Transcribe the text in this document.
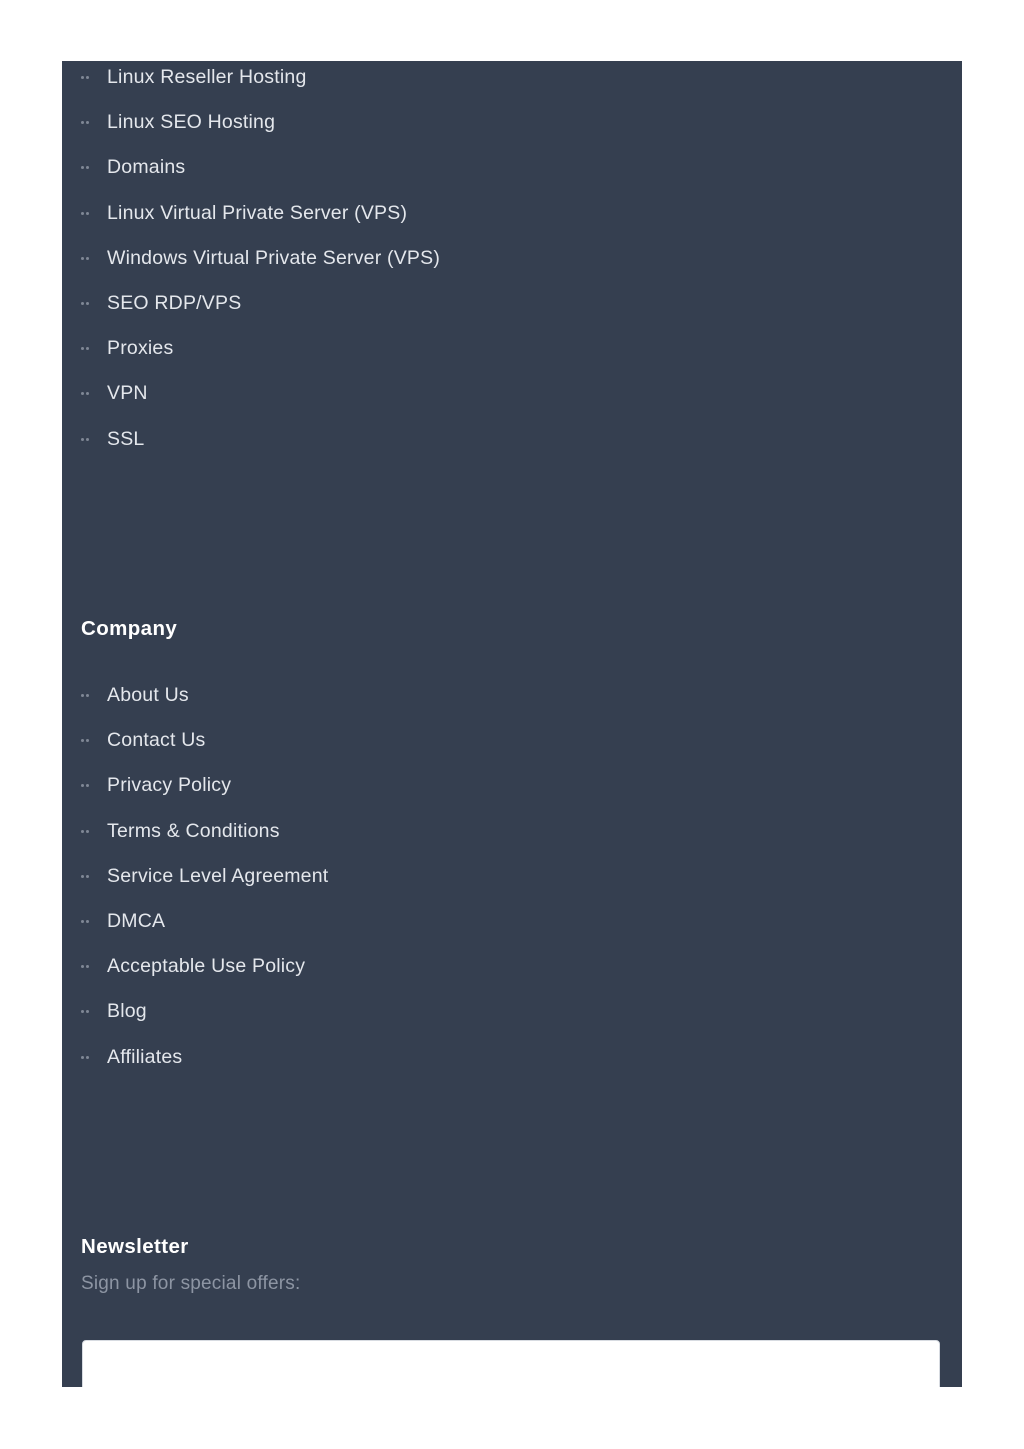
Linux Reseller Hosting
Linux SEO Hosting
Domains
Linux Virtual Private Server (VPS)
Windows Virtual Private Server (VPS)
SEO RDP/VPS
Proxies
VPN
SSL
Company
About Us
Contact Us
Privacy Policy
Terms & Conditions
Service Level Agreement
DMCA
Acceptable Use Policy
Blog
Affiliates
Newsletter
Sign up for special offers:
